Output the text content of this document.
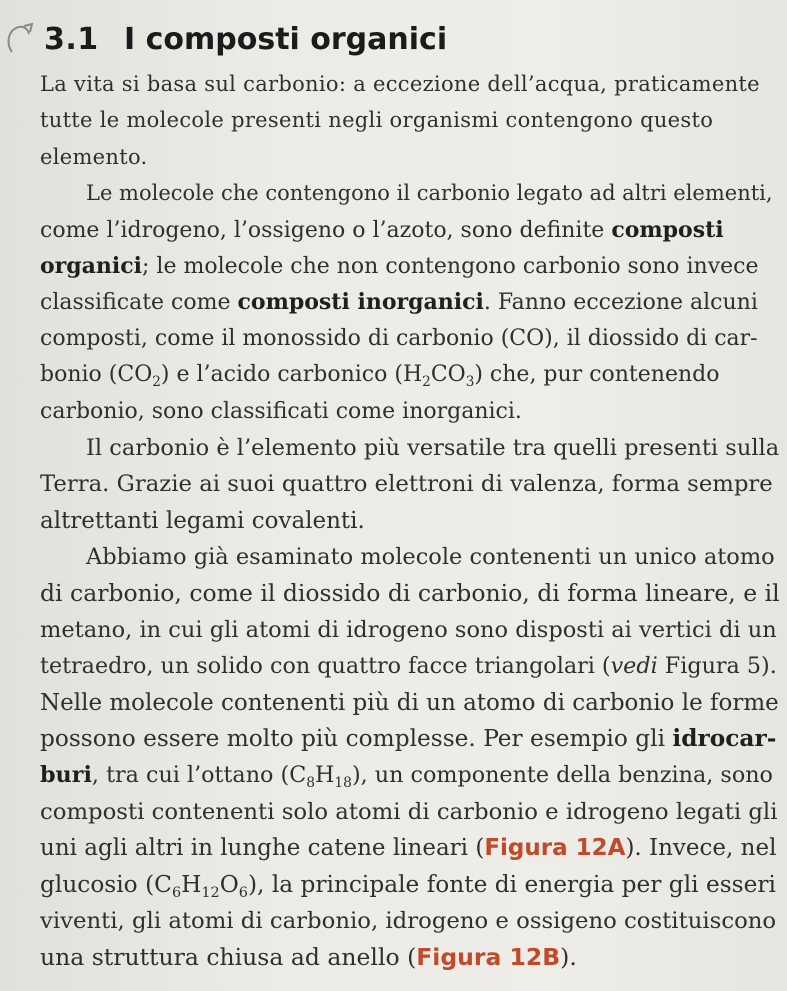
3.1 I composti organici
La vita si basa sul carbonio: a eccezione dell’acqua, praticamente
tutte le molecole presenti negli organismi contengono questo
elemento.
Le molecole che contengono il carbonio legato ad altri elementi,
come l’idrogeno, l’ossigeno o l’azoto, sono definite composti
organici; le molecole che non contengono carbonio sono invece
classificate come composti inorganici. Fanno eccezione alcuni
composti, come il monossido di carbonio (CO), il diossido di car-
bonio $(CO_2)$ e l’acido carbonico $(H_2CO_3)$ che, pur contenendo
carbonio, sono classificati come inorganici.
Il carbonio è l’elemento più versatile tra quelli presenti sulla
Terra. Grazie ai suoi quattro elettroni di valenza, forma sempre
altrettanti legami covalenti.
Abbiamo già esaminato molecole contenenti un unico atomo
di carbonio, come il diossido di carbonio, di forma lineare, e il
metano, in cui gli atomi di idrogeno sono disposti ai vertici di un
tetraedro, un solido con quattro facce triangolari (vedi Figura 5).
Nelle molecole contenenti più di un atomo di carbonio le forme
possono essere molto più complesse. Per esempio gli idrocar-
buri, tra cui l’ottano $(C_8H_{18})$, un componente della benzina, sono
composti contenenti solo atomi di carbonio e idrogeno legati gli
uni agli altri in lunghe catene lineari (Figura 12A). Invece, nel
glucosio $(C_6H_{12}O_6)$, la principale fonte di energia per gli esseri
viventi, gli atomi di carbonio, idrogeno e ossigeno costituiscono
una struttura chiusa ad anello (Figura 12B).
